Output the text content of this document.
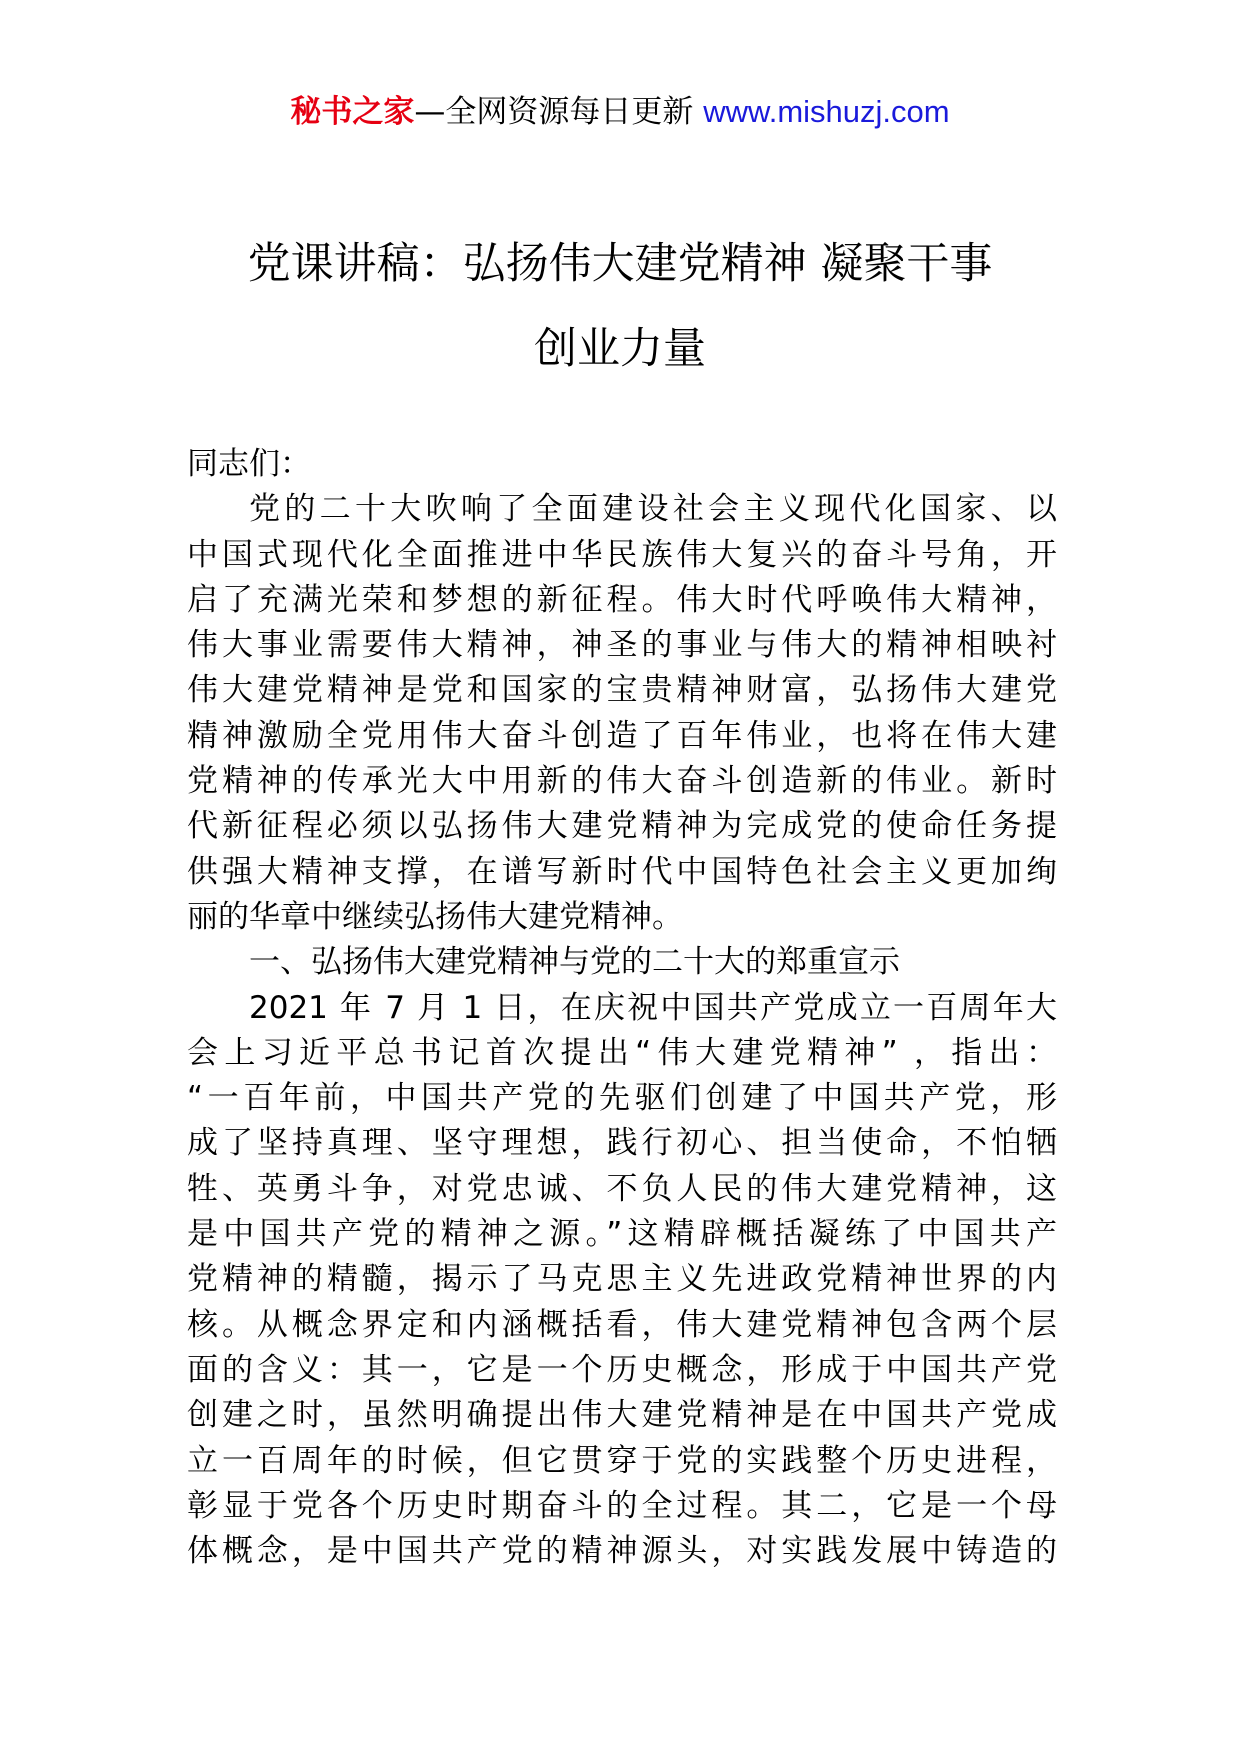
秘书之家—全网资源每日更新 www.mishuzj.com
党课讲稿：弘扬伟大建党精神 凝聚干事
创业力量
同志们：
党的二十大吹响了全面建设社会主义现代化国家、以
中国式现代化全面推进中华民族伟大复兴的奋斗号角，开
启了充满光荣和梦想的新征程。伟大时代呼唤伟大精神，
伟大事业需要伟大精神，神圣的事业与伟大的精神相映衬
伟大建党精神是党和国家的宝贵精神财富，弘扬伟大建党
精神激励全党用伟大奋斗创造了百年伟业，也将在伟大建
党精神的传承光大中用新的伟大奋斗创造新的伟业。新时
代新征程必须以弘扬伟大建党精神为完成党的使命任务提
供强大精神支撑，在谱写新时代中国特色社会主义更加绚
丽的华章中继续弘扬伟大建党精神。
一、弘扬伟大建党精神与党的二十大的郑重宣示
2021 年 7 月 1 日，在庆祝中国共产党成立一百周年大
会上习近平总书记首次提出“伟大建党精神” ，指出：
“一百年前，中国共产党的先驱们创建了中国共产党，形
成了坚持真理、坚守理想，践行初心、担当使命，不怕牺
牲、英勇斗争，对党忠诚、不负人民的伟大建党精神，这
是中国共产党的精神之源。”这精辟概括凝练了中国共产
党精神的精髓，揭示了马克思主义先进政党精神世界的内
核。从概念界定和内涵概括看，伟大建党精神包含两个层
面的含义：其一，它是一个历史概念，形成于中国共产党
创建之时，虽然明确提出伟大建党精神是在中国共产党成
立一百周年的时候，但它贯穿于党的实践整个历史进程，
彰显于党各个历史时期奋斗的全过程。其二，它是一个母
体概念，是中国共产党的精神源头，对实践发展中铸造的
